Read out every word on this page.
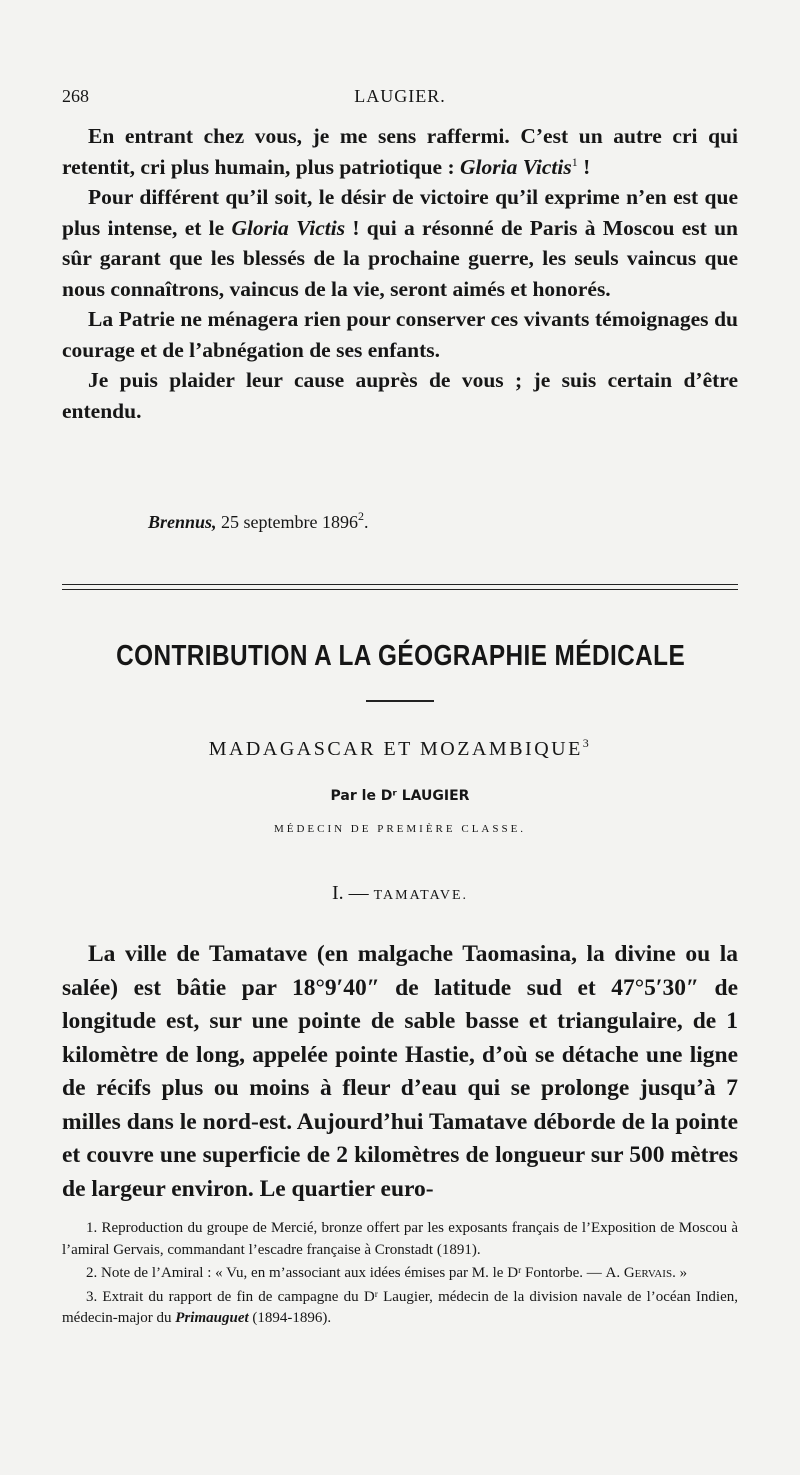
268	LAUGIER.

En entrant chez vous, je me sens raffermi. C’est un autre cri qui retentit, cri plus humain, plus patriotique : Gloria Victis$^1$ !

Pour différent qu’il soit, le désir de victoire qu’il exprime n’en est que plus intense, et le Gloria Victis ! qui a résonné de Paris à Moscou est un sûr garant que les blessés de la prochaine guerre, les seuls vaincus que nous connaîtrons, vaincus de la vie, seront aimés et honorés.

La Patrie ne ménagera rien pour conserver ces vivants témoignages du courage et de l’abnégation de ses enfants.

Je puis plaider leur cause auprès de vous ; je suis certain d’être entendu.

Brennus, 25 septembre 1896$^2$.
CONTRIBUTION A LA GÉOGRAPHIE MÉDICALE
MADAGASCAR ET MOZAMBIQUE$^3$
Par le Dʳ LAUGIER
MÉDECIN DE PREMIÈRE CLASSE.
I. — TAMATAVE.

La ville de Tamatave (en malgache Taomasina, la divine ou la salée) est bâtie par 18°9′40″ de latitude sud et 47°5′30″ de longitude est, sur une pointe de sable basse et triangulaire, de 1 kilomètre de long, appelée pointe Hastie, d’où se détache une ligne de récifs plus ou moins à fleur d’eau qui se prolonge jusqu’à 7 milles dans le nord-est. Aujourd’hui Tamatave déborde de la pointe et couvre une superficie de 2 kilomètres de longueur sur 500 mètres de largeur environ. Le quartier euro-

1. Reproduction du groupe de Mercié, bronze offert par les exposants français de l’Exposition de Moscou à l’amiral Gervais, commandant l’escadre française à Cronstadt (1891).

2. Note de l’Amiral : « Vu, en m’associant aux idées émises par M. le Dʳ Fontorbe. — A. Gervais. »

3. Extrait du rapport de fin de campagne du Dʳ Laugier, médecin de la division navale de l’océan Indien, médecin-major du Primauguet (1894-1896).
